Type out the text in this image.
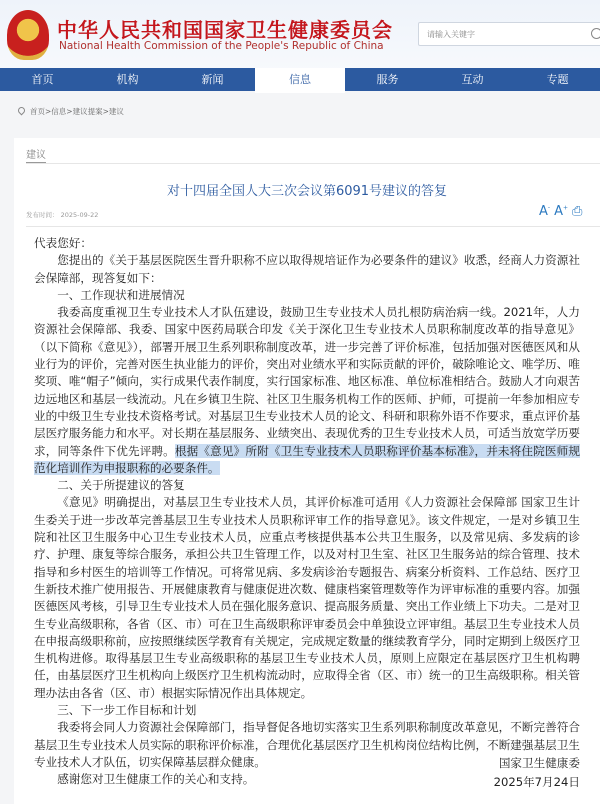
中华人民共和国国家卫生健康委员会
National Health Commission of the People's Republic of China
请输入关键字
首页	机构	新闻	信息	服务	互动	专题
首页>信息>建议提案>建议
建议
对十四届全国人大三次会议第6091号建议的答复
发布时间： 2025-09-22	A- A+ ⎙

代表您好：

您提出的《关于基层医院医生晋升职称不应以取得规培证作为必要条件的建议》收悉，经商人力资源社会保障部，现答复如下：

一、工作现状和进展情况

我委高度重视卫生专业技术人才队伍建设，鼓励卫生专业技术人员扎根防病治病一线。2021年，人力资源社会保障部、我委、国家中医药局联合印发《关于深化卫生专业技术人员职称制度改革的指导意见》（以下简称《意见》），部署开展卫生系列职称制度改革，进一步完善了评价标准，包括加强对医德医风和从业行为的评价，完善对医生执业能力的评价，突出对业绩水平和实际贡献的评价，破除唯论文、唯学历、唯奖项、唯“帽子”倾向，实行成果代表作制度，实行国家标准、地区标准、单位标准相结合。鼓励人才向艰苦边远地区和基层一线流动。凡在乡镇卫生院、社区卫生服务机构工作的医师、护师，可提前一年参加相应专业的中级卫生专业技术资格考试。对基层卫生专业技术人员的论文、科研和职称外语不作要求，重点评价基层医疗服务能力和水平。对长期在基层服务、业绩突出、表现优秀的卫生专业技术人员，可适当放宽学历要求，同等条件下优先评聘。根据《意见》所附《卫生专业技术人员职称评价基本标准》，并未将住院医师规范化培训作为申报职称的必要条件。

二、关于所提建议的答复

《意见》明确提出，对基层卫生专业技术人员，其评价标准可适用《人力资源社会保障部 国家卫生计生委关于进一步改革完善基层卫生专业技术人员职称评审工作的指导意见》。该文件规定，一是对乡镇卫生院和社区卫生服务中心卫生专业技术人员，应重点考核提供基本公共卫生服务，以及常见病、多发病的诊疗、护理、康复等综合服务，承担公共卫生管理工作，以及对村卫生室、社区卫生服务站的综合管理、技术指导和乡村医生的培训等工作情况。可将常见病、多发病诊治专题报告、病案分析资料、工作总结、医疗卫生新技术推广使用报告、开展健康教育与健康促进次数、健康档案管理数等作为评审标准的重要内容。加强医德医风考核，引导卫生专业技术人员在强化服务意识、提高服务质量、突出工作业绩上下功夫。二是对卫生专业高级职称，各省（区、市）可在卫生高级职称评审委员会中单独设立评审组。基层卫生专业技术人员在申报高级职称前，应按照继续医学教育有关规定，完成规定数量的继续教育学分，同时定期到上级医疗卫生机构进修。取得基层卫生专业高级职称的基层卫生专业技术人员，原则上应限定在基层医疗卫生机构聘任，由基层医疗卫生机构向上级医疗卫生机构流动时，应取得全省（区、市）统一的卫生高级职称。相关管理办法由各省（区、市）根据实际情况作出具体规定。

三、下一步工作目标和计划

我委将会同人力资源社会保障部门，指导督促各地切实落实卫生系列职称制度改革意见，不断完善符合基层卫生专业技术人员实际的职称评价标准，合理优化基层医疗卫生机构岗位结构比例，不断建强基层卫生专业技术人才队伍，切实保障基层群众健康。

感谢您对卫生健康工作的关心和支持。

国家卫生健康委
2025年7月24日
